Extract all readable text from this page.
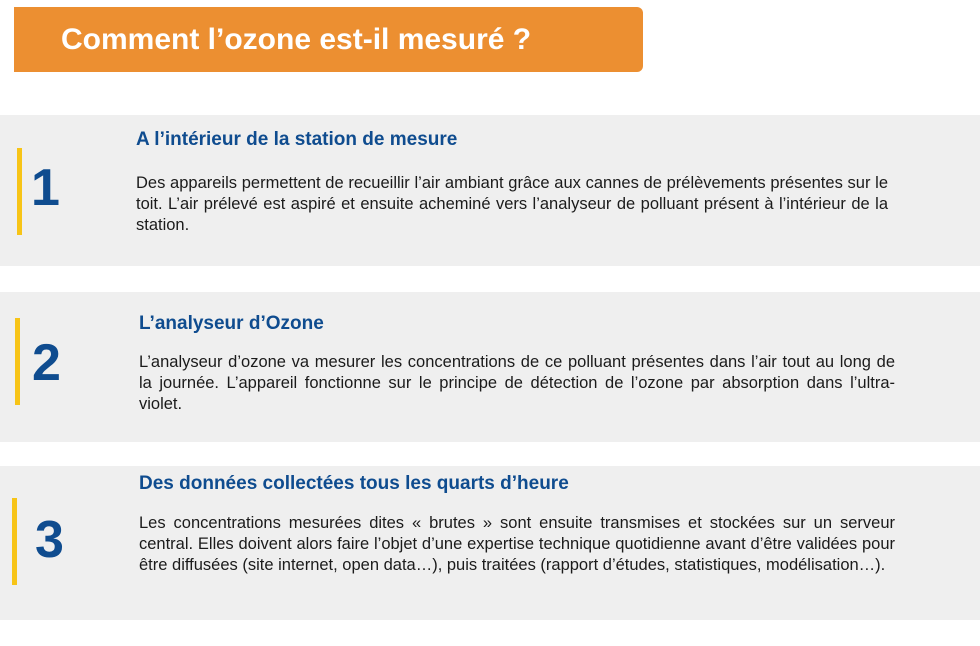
Comment l’ozone est-il mesuré ?
1
A l’intérieur de la station de mesure

Des appareils permettent de recueillir l’air ambiant grâce aux cannes de prélèvements présentes sur le toit. L’air prélevé est aspiré et ensuite acheminé vers l’analyseur de polluant présent à l’intérieur de la station.

2
L’analyseur d’Ozone

L’analyseur d’ozone va mesurer les concentrations de ce polluant présentes dans l’air tout au long de la journée. L’appareil fonctionne sur le principe de détection de l’ozone par absorption dans l’ultra-violet.

3
Des données collectées tous les quarts d’heure

Les concentrations mesurées dites « brutes » sont ensuite transmises et stockées sur un serveur central. Elles doivent alors faire l’objet d’une expertise technique quotidienne avant d’être validées pour être diffusées (site internet, open data…), puis traitées (rapport d’études, statistiques, modélisation…).
